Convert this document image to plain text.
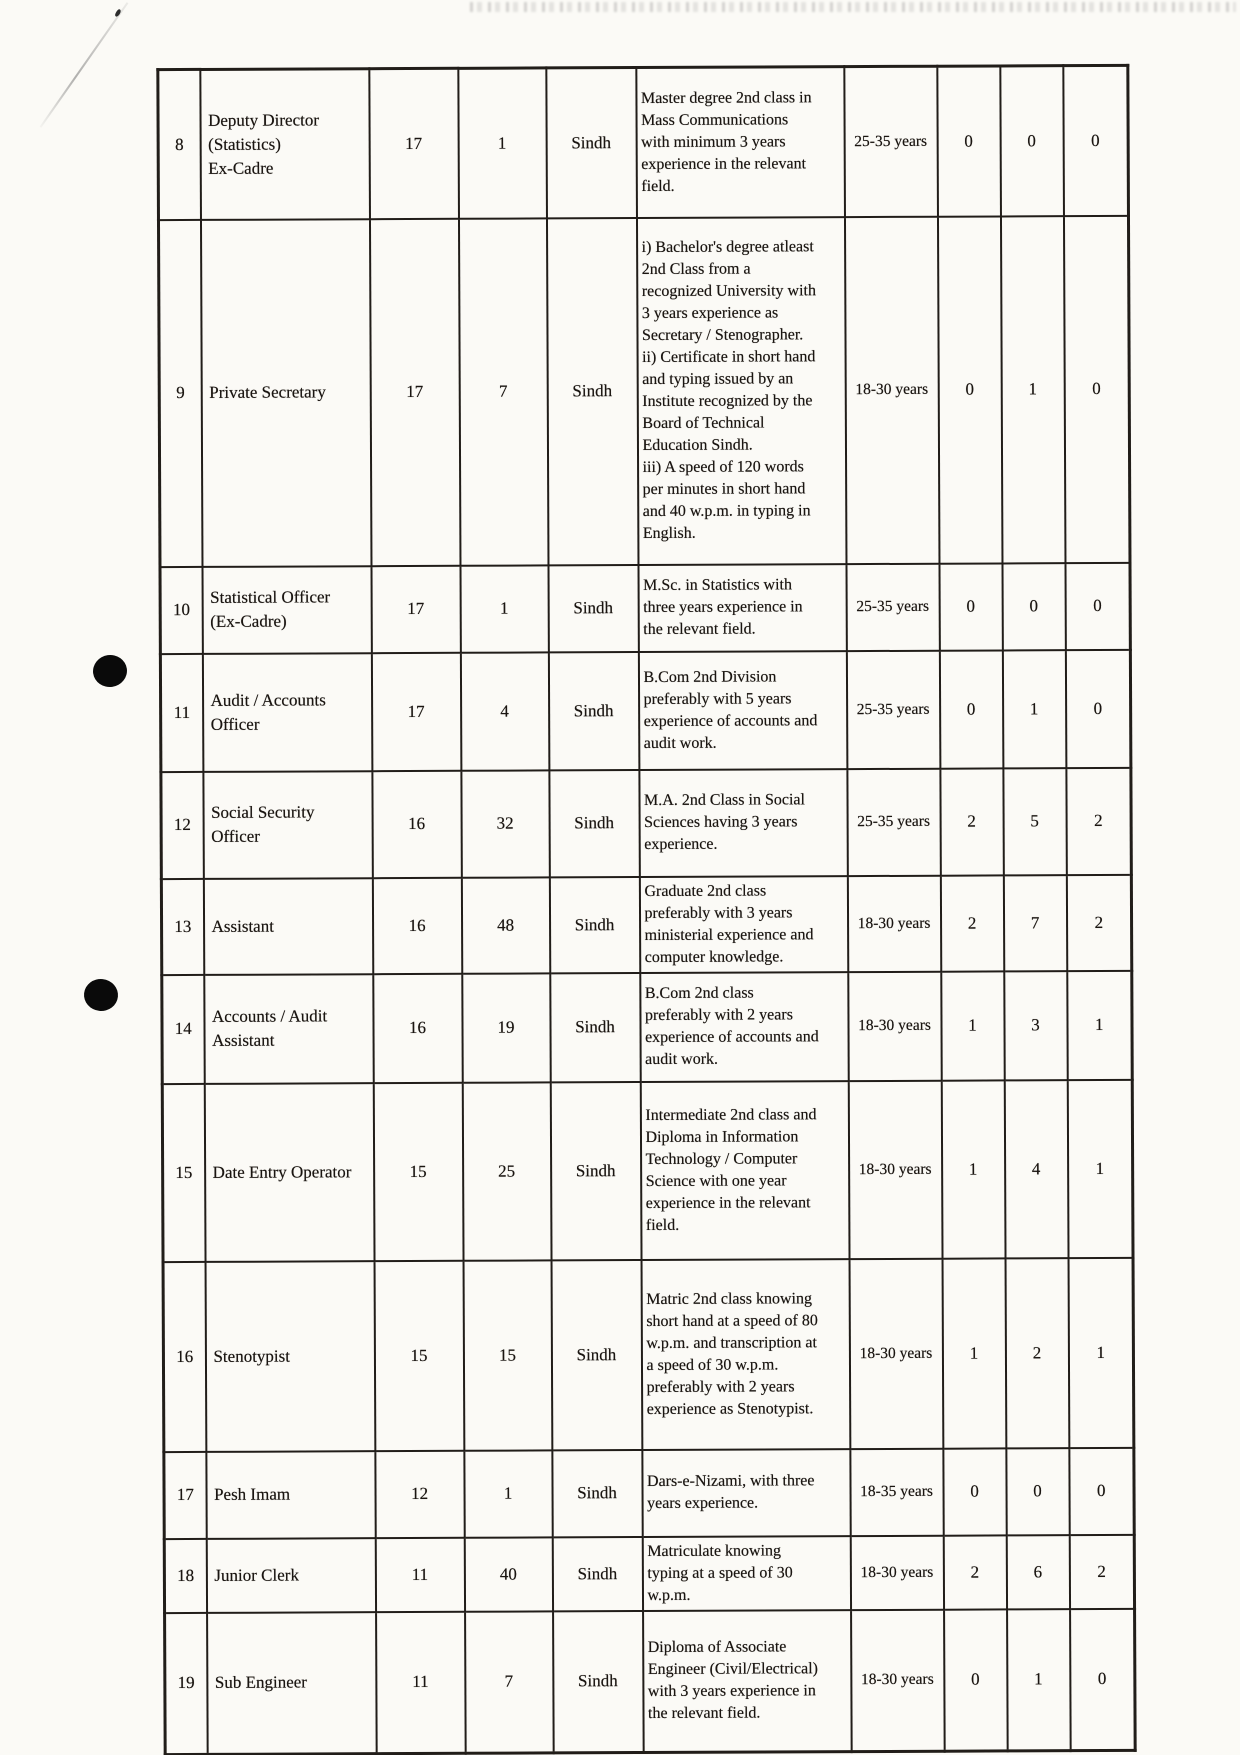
8	Deputy Director
(Statistics)
Ex-Cadre	17	1	Sindh	Master degree 2nd class in
Mass Communications
with minimum 3 years
experience in the relevant
field.	25-35 years	0	0	0
9	Private Secretary	17	7	Sindh	i) Bachelor's degree atleast
2nd Class from a
recognized University with
3 years experience as
Secretary / Stenographer.
ii) Certificate in short hand
and typing issued by an
Institute recognized by the
Board of Technical
Education Sindh.
iii) A speed of 120 words
per minutes in short hand
and 40 w.p.m. in typing in
English.	18-30 years	0	1	0
10	Statistical Officer
(Ex-Cadre)	17	1	Sindh	M.Sc. in Statistics with
three years experience in
the relevant field.	25-35 years	0	0	0
11	Audit / Accounts
Officer	17	4	Sindh	B.Com 2nd Division
preferably with 5 years
experience of accounts and
audit work.	25-35 years	0	1	0
12	Social Security
Officer	16	32	Sindh	M.A. 2nd Class in Social
Sciences having 3 years
experience.	25-35 years	2	5	2
13	Assistant	16	48	Sindh	Graduate 2nd class
preferably with 3 years
ministerial experience and
computer knowledge.	18-30 years	2	7	2
14	Accounts / Audit
Assistant	16	19	Sindh	B.Com 2nd class
preferably with 2 years
experience of accounts and
audit work.	18-30 years	1	3	1
15	Date Entry Operator	15	25	Sindh	Intermediate 2nd class and
Diploma in Information
Technology / Computer
Science with one year
experience in the relevant
field.	18-30 years	1	4	1
16	Stenotypist	15	15	Sindh	Matric 2nd class knowing
short hand at a speed of 80
w.p.m. and transcription at
a speed of 30 w.p.m.
preferably with 2 years
experience as Stenotypist.	18-30 years	1	2	1
17	Pesh Imam	12	1	Sindh	Dars-e-Nizami, with three
years experience.	18-35 years	0	0	0
18	Junior Clerk	11	40	Sindh	Matriculate knowing
typing at a speed of 30
w.p.m.	18-30 years	2	6	2
19	Sub Engineer	11	7	Sindh	Diploma of Associate
Engineer (Civil/Electrical)
with 3 years experience in
the relevant field.	18-30 years	0	1	0
